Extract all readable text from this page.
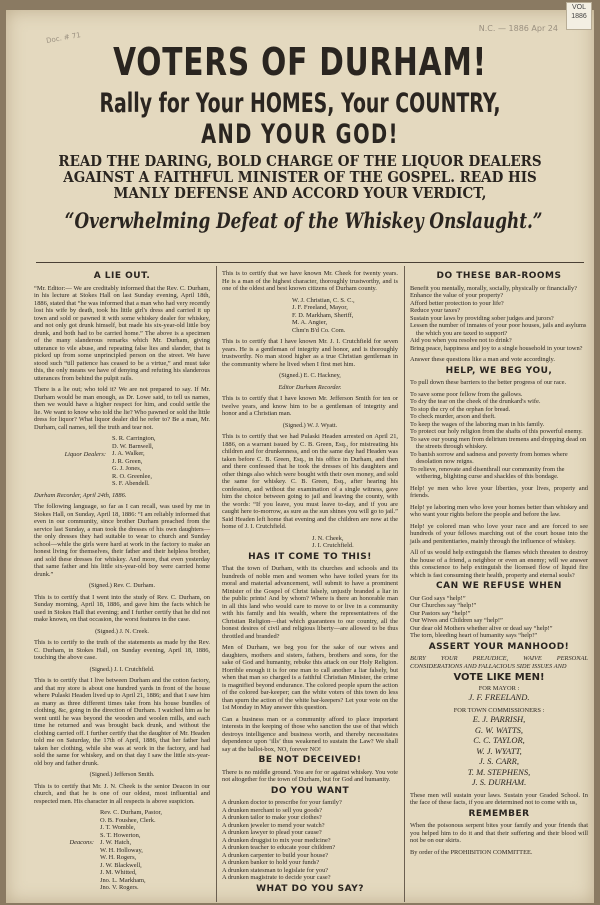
VOL
1886
N.C. — 1886 Apr 24
Doc. # 71
VOTERS OF DURHAM!
Rally for Your HOMES, Your COUNTRY,
AND YOUR GOD!
READ THE DARING, BOLD CHARGE OF THE LIQUOR DEALERS AGAINST A FAITHFUL MINISTER OF THE GOSPEL. READ HIS MANLY DEFENSE AND ACCORD YOUR VERDICT,
“Overwhelming Defeat of the Whiskey Onslaught.”
A LIE OUT.

“Mr. Editor:— We are creditably informed that the Rev. C. Durham, in his lecture at Stokes Hall on last Sunday evening, April 18th, 1886, stated that “he was informed that a man who had very recently lost his wife by death, took his little girl's dress and carried it up town and sold or pawned it with some whiskey dealer for whiskey, and not only got drunk himself, but made his six-year-old little boy drunk, and both had to be carried home.” The above is a specimen of the many slanderous remarks which Mr. Durham, giving utterance to vile abuse, and repeating false lies and slander, that is picked up from some unprincipled person on the street. We have stood such “till patience has ceased to be a virtue,” and must take this, the only means we have of denying and refuting his slanderous utterances from behind the pulpit rails.

There is a lie out; who told it? We are not prepared to say. If Mr. Durham would be man enough, as Dr. Lowe said, to tell us names, then we would have a higher respect for him, and could settle the lie. We want to know who told the lie? Who pawned or sold the little dress for liquor? What liquor dealer did he refer to? Be a man, Mr. Durham, call names, tell the truth and tear not.

Liquor Dealers:
S. R. Carrington,
D. W. Barnwell,
J. A. Walker,
J. R. Green,
G. J. Jones,
R. O. Greenlee,
S. F. Abendell.

Durham Recorder, April 24th, 1886.

The following language, so far as I can recall, was used by me in Stokes Hall, on Sunday, April 18, 1886: “I am reliably informed that even in our community, since brother Durham preached from the service last Sunday, a man took the dresses of his own daughters—the only dresses they had suitable to wear to church and Sunday school—while the girls were hard at work in the factory to make an honest living for themselves, their father and their helpless brother, and sold these dresses for whiskey. And more, that even yesterday that same father and his little six-year-old boy were carried home drunk.”

(Signed.) Rev. C. Durham.

This is to certify that I went into the study of Rev. C. Durham, on Sunday morning, April 18, 1886, and gave him the facts which he used in Stokes Hall that evening; and I further certify that he did not make known, on that occasion, the worst features in the case.

(Signed.) J. N. Creek.

This is to certify to the truth of the statements as made by the Rev. C. Durham, in Stokes Hall, on Sunday evening, April 18, 1886, touching the above case.

(Signed.) J. I. Crutchfield.

This is to certify that I live between Durham and the cotton factory, and that my store is about one hundred yards in front of the house where Pulaski Headen lived up to April 21, 1886; and that I saw him as many as three different times take from his house bundles of clothing, &c, going in the direction of Durham. I watched him as he went until he was beyond the wooden and woolen mills, and each time he returned and was brought back drunk, and without the clothing carried off. I further certify that the daughter of Mr. Headen told me on Saturday, the 17th of April, 1886, that her father had taken her clothing, while she was at work in the factory, and had sold the same for whiskey, and on that day I saw the little six-year-old boy and father drunk.

(Signed.) Jefferson Smith.

This is to certify that Mr. J. N. Cheek is the senior Deacon in our church, and that he is one of our oldest, most influential and respected men. His character in all respects is above suspicion.

Deacons:
Rev. C. Durham, Pastor,
O. B. Foushee, Clerk.
J. T. Womble,
S. T. Howerton,
J. W. Hatch,
W. H. Holloway,
W. H. Rogers,
J. W. Blackwell,
J. M. Whitted,
Jno. L. Markham,
Jno. V. Rogers.

This is to certify that we have known Mr. Cheek for twenty years. He is a man of the highest character, thoroughly trustworthy, and is one of the oldest and best known citizens of Durham county.

W. J. Christian, C. S. C.,
J. F. Freeland, Mayor,
F. D. Markham, Sheriff,
M. A. Angier,
Chm'n B'd Co. Com.

This is to certify that I have known Mr. J. I. Crutchfield for seven years. He is a gentleman of integrity and honor, and is thoroughly trustworthy. No man stood higher as a true Christian gentleman in the community where he lived when I first met him.

(Signed.) E. C. Hackney,
Editor Durham Recorder.

This is to certify that I have known Mr. Jefferson Smith for ten or twelve years, and know him to be a gentleman of integrity and honor and a Christian man.

(Signed.) W. J. Wyatt.

This is to certify that we had Pulaski Headen arrested on April 21, 1886, on a warrant issued by C. B. Green, Esq., for mistreating his children and for drunkenness, and on the same day had Headen was taken before C. B. Green, Esq., in his office in Durham, and then and there confessed that he took the dresses of his daughters and other things also which were bought with their own money, and sold the same for whiskey. C. B. Green, Esq., after hearing his confession, and without the examination of a single witness, gave him the choice between going to jail and leaving the county, with the words: “If you leave, you must leave to-day, and if you are caught here to-morrow, as sure as the sun shines you will go to jail.” Said Headen left home that evening and the children are now at the home of J. I. Crutchfield.

J. N. Cheek,
J. I. Crutchfield.
HAS IT COME TO THIS!

That the town of Durham, with its churches and schools and its hundreds of noble men and women who have toiled years for its moral and material advancement, will submit to have a prominent Minister of the Gospel of Christ falsely, unjustly branded a liar in the public prints! And by whom? Where is there an honorable man in all this land who would care to move to or live in a community with his family and his wealth, where the representatives of the Christian Religion—that which guarantees to our country, all the bonest desires of civil and religious liberty—are allowed to be thus throttled and branded?

Men of Durham, we beg you for the sake of our wives and daughters, mothers and sisters, fathers, brothers and sons, for the sake of God and humanity, rebuke this attack on our Holy Religion. Horrible enough it is for one man to call another a liar falsely, but when that man so charged is a faithful Christian Minister, the crime is magnified beyond endurance. The colored people spurn the action of the colored bar-keeper; can the white voters of this town do less than spurn the action of the white bar-keepers? Let your vote on the 1st Monday in May answer this question.

Can a business man or a community afford to place important interests in the keeping of those who sanction the use of that which destroys intelligence and business worth, and thereby necessitates dependence upon ‘ills’ thus weakened to sustain the Law? We shall say at the ballot-box, NO, forever NO!

BE NOT DECEIVED!

There is no middle ground. You are for or against whiskey. You vote not altogether for the town of Durham, but for God and humanity.

DO YOU WANT
A drunken doctor to prescribe for your family?
A drunken merchant to sell you goods?
A drunken tailor to make your clothes?
A drunken jeweler to mend your watch?
A drunken lawyer to plead your cause?
A drunken druggist to mix your medicine?
A drunken teacher to educate your children?
A drunken carpenter to build your house?
A drunken banker to hold your funds?
A drunken statesman to legislate for you?
A drunken magistrate to decide your case?
WHAT DO YOU SAY?
DO THESE BAR-ROOMS
Benefit you mentally, morally, socially, physically or financially?
Enhance the value of your property?
Afford better protection to your life?
Reduce your taxes?
Sustain your laws by providing sober judges and jurors?
Lessen the number of inmates of your poor houses, jails and asylums the which you are taxed to support?
Aid you when you resolve not to drink?
Bring peace, happiness and joy to a single household in your town?

Answer these questions like a man and vote accordingly.

HELP, WE BEG YOU,

To pull down these barriers to the better progress of our race.

To save some poor fellow from the gallows.
To dry the tear on the cheek of the drunkard's wife.
To stop the cry of the orphan for bread.
To check murder, arson and theft.
To keep the wages of the laboring man in his family.
To protect our holy religion from the shafts of this powerful enemy.
To save our young men from delirium tremens and dropping dead on the streets through whiskey.
To banish sorrow and sadness and poverty from homes where desolation now reigns.
To relieve, renovate and disenthrall our community from the withering, blighting curse and shackles of this bondage.

Help! ye men who love your liberties, your lives, property and friends.

Help! ye laboring men who love your homes better than whiskey and who want your rights before the people and before the law.

Help! ye colored man who love your race and are forced to see hundreds of your fellows marching out of the court house into the jails and penitentiaries, mainly through the influence of whiskey.

All of us would help extinguish the flames which threaten to destroy the house of a friend, a neighbor or even an enemy; will we answer this conscience to help extinguish the licensed flow of liquid fire which is fast consuming their health, property and eternal souls?

CAN WE REFUSE WHEN
Our God says “help!”
Our Churches say “help!”
Our Pastors say “help!”
Our Wives and Children say “help!”
Our dear old Mothers whether alive or dead say “help!”
The torn, bleeding heart of humanity says “help!”
ASSERT YOUR MANHOOD!

BURY YOUR PREJUDICE, WAIVE PERSONAL CONSIDERATIONS AND FALLACIOUS SIDE ISSUES AND

VOTE LIKE MEN!
FOR MAYOR :
J. F. FREELAND.
FOR TOWN COMMISSIONERS :
E. J. PARRISH,
G. W. WATTS,
C. C. TAYLOR,
W. J. WYATT,
J. S. CARR,
T. M. STEPHENS,
J. S. DURHAM.

These men will sustain your laws. Sustain your Graded School. In the face of these facts, if you are determined not to come with us,

REMEMBER

When the poisonous serpent bites your family and your friends that you helped him to do it and that their suffering and their blood will not be on our skirts.

By order of the PROHIBITION COMMITTEE.
